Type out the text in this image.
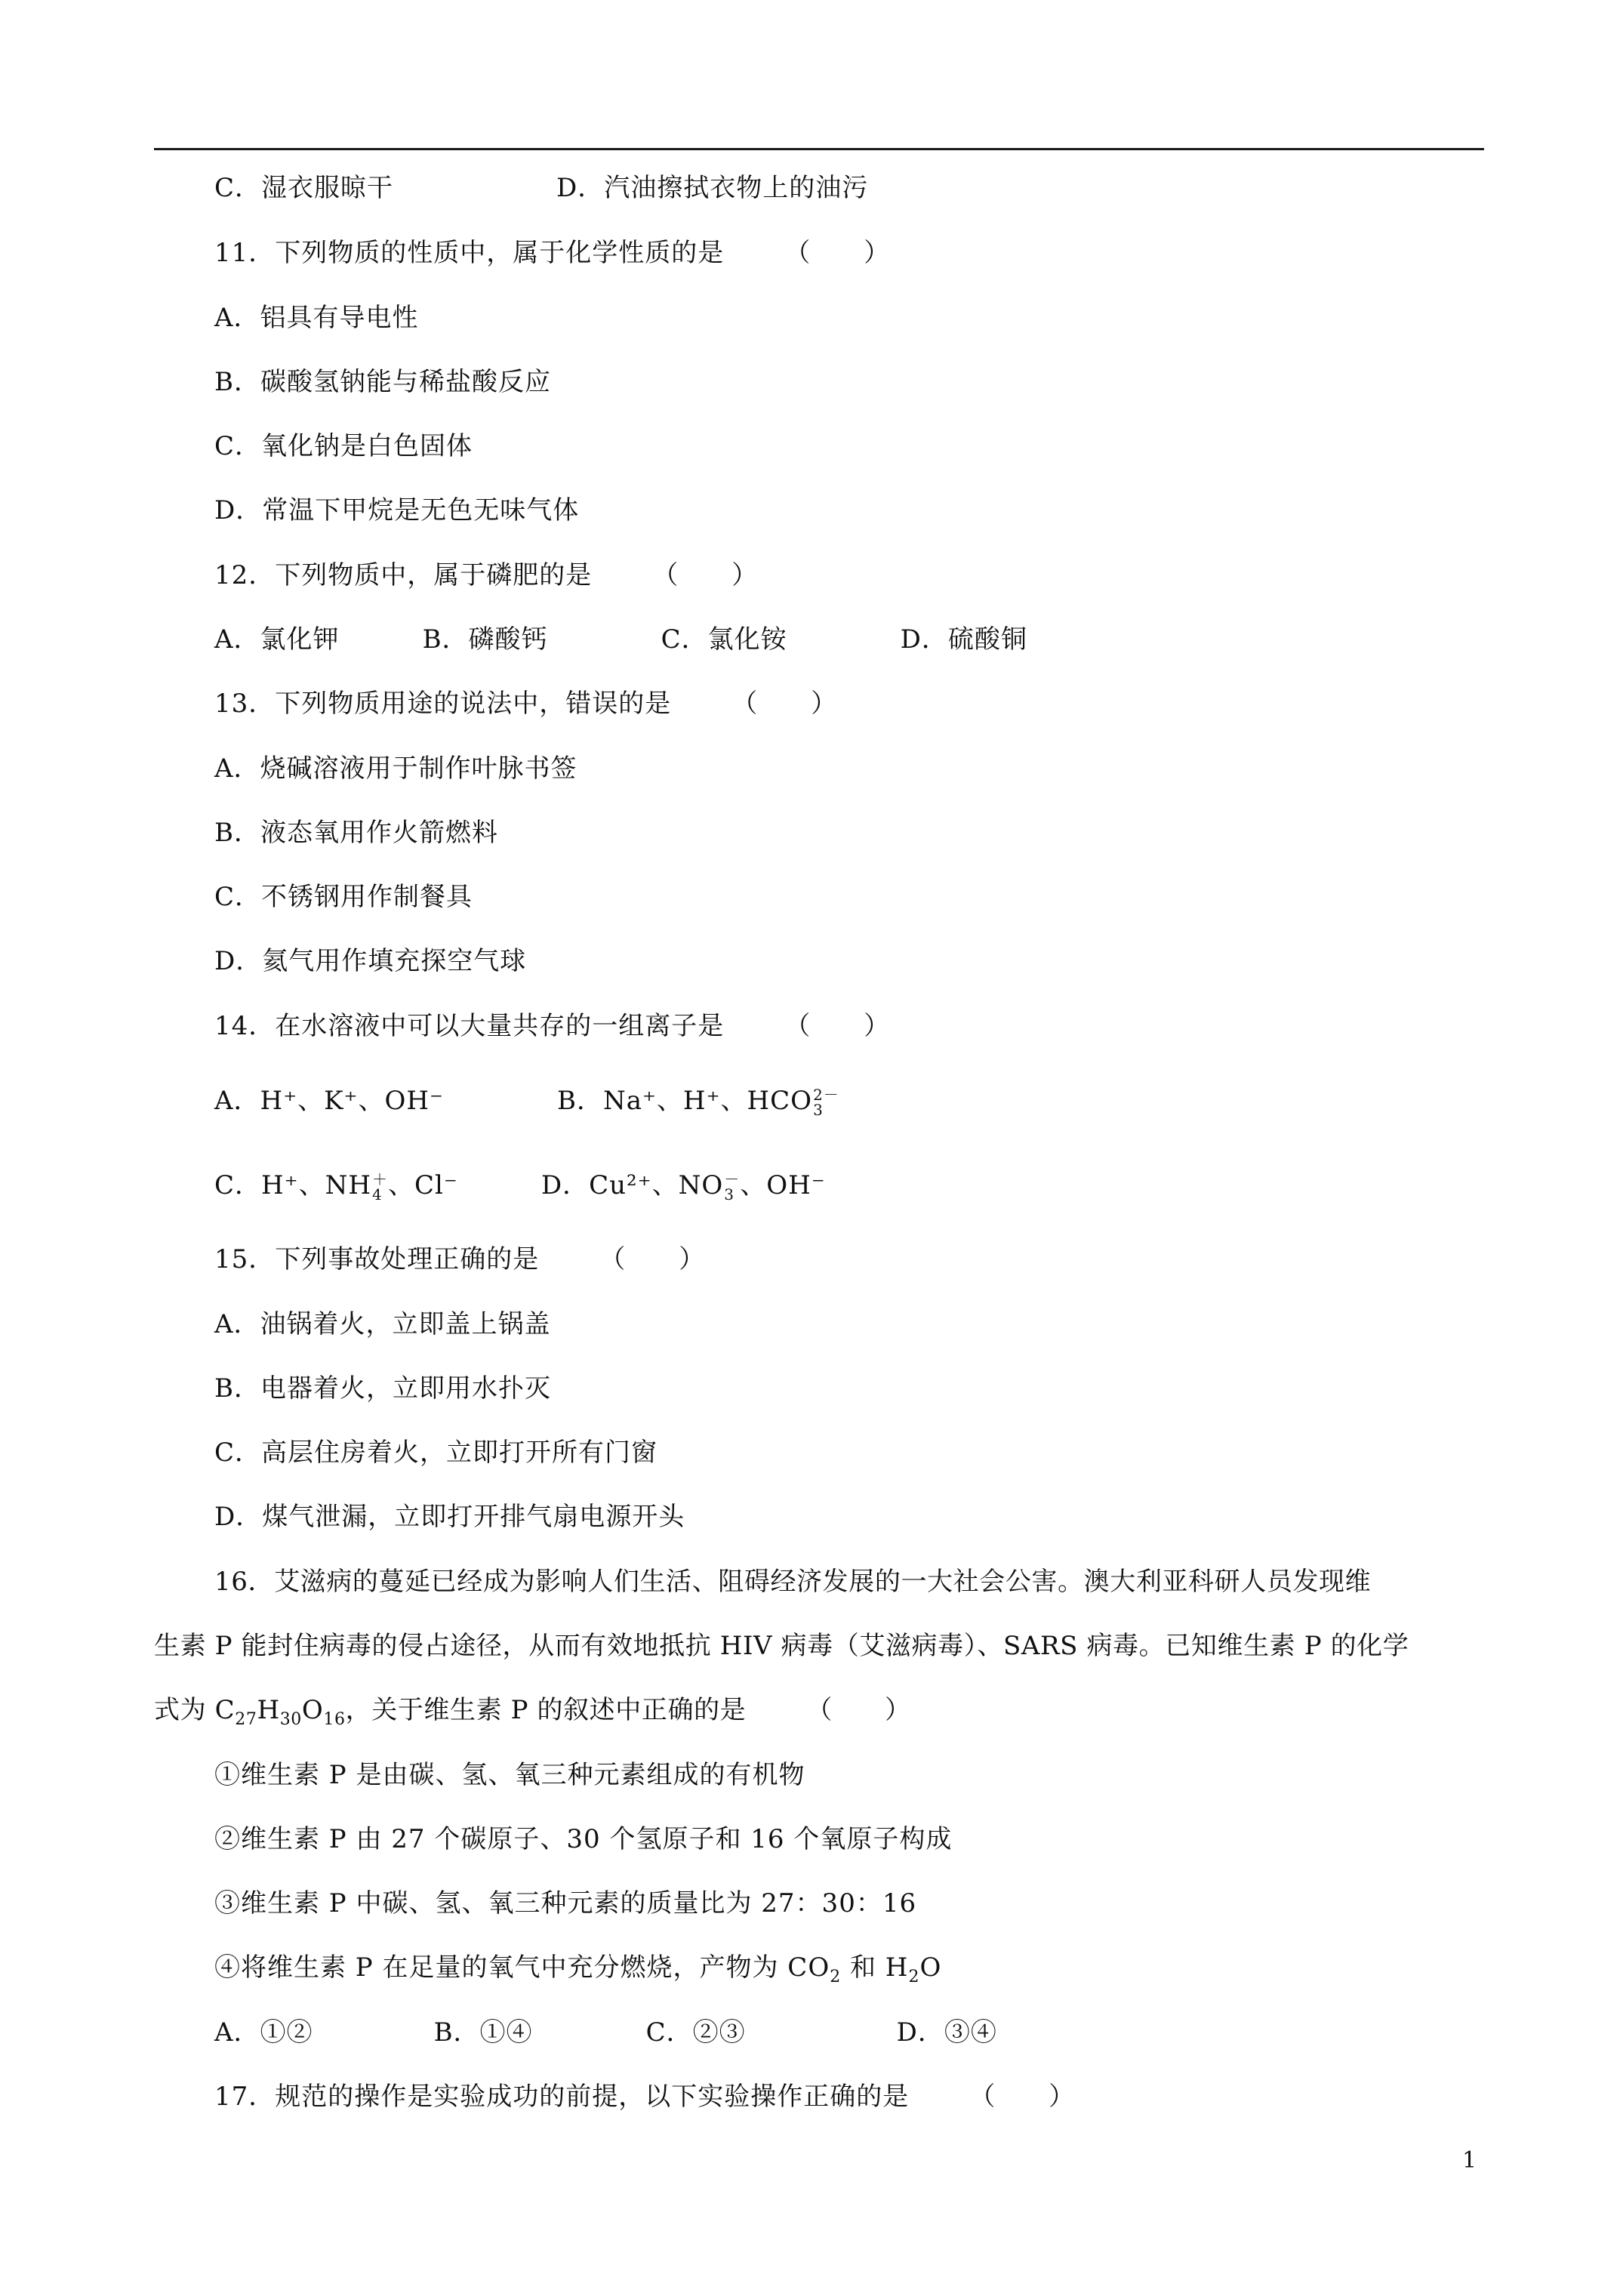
C．湿衣服晾干	D．汽油擦拭衣物上的油污
11．下列物质的性质中，属于化学性质的是 （　　）
A．铝具有导电性
B．碳酸氢钠能与稀盐酸反应
C．氧化钠是白色固体
D．常温下甲烷是无色无味气体
12．下列物质中，属于磷肥的是 （　　）
A．氯化钾	B．磷酸钙	C．氯化铵	D．硫酸铜
13．下列物质用途的说法中，错误的是 （　　）
A．烧碱溶液用于制作叶脉书签
B．液态氧用作火箭燃料
C．不锈钢用作制餐具
D．氦气用作填充探空气球
14．在水溶液中可以大量共存的一组离子是 （　　）
A．H⁺、K⁺、OH⁻	B．Na⁺、H⁺、HCO 2－
3
C．H⁺、NH ＋
4 、Cl⁻	D．Cu²⁺、NO －
3 、OH⁻
15．下列事故处理正确的是 （　　）
A．油锅着火，立即盖上锅盖
B．电器着火，立即用水扑灭
C．高层住房着火，立即打开所有门窗
D．煤气泄漏，立即打开排气扇电源开头
16．艾滋病的蔓延已经成为影响人们生活、阻碍经济发展的一大社会公害。澳大利亚科研人员发现维
生素 P 能封住病毒的侵占途径，从而有效地抵抗 HIV 病毒（艾滋病毒）、SARS 病毒。已知维生素 P 的化学
式为 $C_{27}H_{30}O_{16}$，关于维生素 P 的叙述中正确的是 （　　）
①维生素 P 是由碳、氢、氧三种元素组成的有机物
②维生素 P 由 27 个碳原子、30 个氢原子和 16 个氧原子构成
③维生素 P 中碳、氢、氧三种元素的质量比为 27：30：16
④将维生素 P 在足量的氧气中充分燃烧，产物为 $CO_2$ 和 $H_2O$
A．①②	B．①④	C．②③	D．③④
17．规范的操作是实验成功的前提，以下实验操作正确的是 （　　）
1
